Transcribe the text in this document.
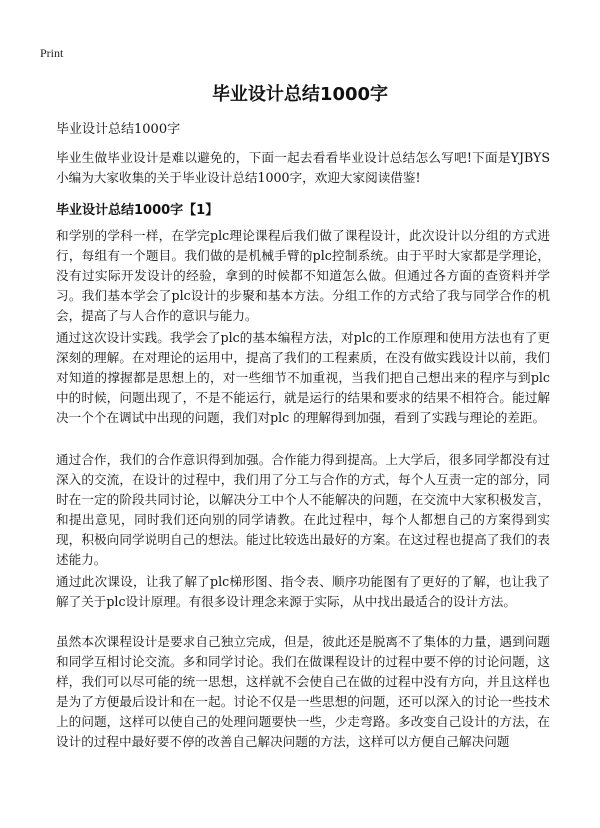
Print
毕业设计总结1000字
毕业设计总结1000字

毕业生做毕业设计是难以避免的，下面一起去看看毕业设计总结怎么写吧!下面是YJBYS小编为大家收集的关于毕业设计总结1000字，欢迎大家阅读借鉴!

毕业设计总结1000字【1】

和学别的学科一样，在学完plc理论课程后我们做了课程设计，此次设计以分组的方式进行，每组有一个题目。我们做的是机械手臂的plc控制系统。由于平时大家都是学理论，没有过实际开发设计的经验，拿到的时候都不知道怎么做。但通过各方面的查资料并学习。我们基本学会了plc设计的步聚和基本方法。分组工作的方式给了我与同学合作的机会，提高了与人合作的意识与能力。

通过这次设计实践。我学会了plc的基本编程方法，对plc的工作原理和使用方法也有了更深刻的理解。在对理论的运用中，提高了我们的工程素质，在没有做实践设计以前，我们对知道的撑握都是思想上的，对一些细节不加重视，当我们把自己想出来的程序与到plc中的时候，问题出现了，不是不能运行，就是运行的结果和要求的结果不相符合。能过解决一个个在调试中出现的问题，我们对plc 的理解得到加强，看到了实践与理论的差距。

通过合作，我们的合作意识得到加强。合作能力得到提高。上大学后，很多同学都没有过深入的交流，在设计的过程中，我们用了分工与合作的方式，每个人互责一定的部分，同时在一定的阶段共同讨论，以解决分工中个人不能解决的问题，在交流中大家积极发言，和提出意见，同时我们还向别的同学请教。在此过程中，每个人都想自己的方案得到实现，积极向同学说明自己的想法。能过比较选出最好的方案。在这过程也提高了我们的表述能力。

通过此次课设，让我了解了plc梯形图、指令表、顺序功能图有了更好的了解，也让我了解了关于plc设计原理。有很多设计理念来源于实际，从中找出最适合的设计方法。

虽然本次课程设计是要求自己独立完成，但是，彼此还是脱离不了集体的力量，遇到问题和同学互相讨论交流。多和同学讨论。我们在做课程设计的过程中要不停的讨论问题，这样，我们可以尽可能的统一思想，这样就不会使自己在做的过程中没有方向，并且这样也是为了方便最后设计和在一起。讨论不仅是一些思想的问题，还可以深入的讨论一些技术上的问题，这样可以使自己的处理问题要快一些，少走弯路。多改变自己设计的方法，在设计的过程中最好要不停的改善自己解决问题的方法，这样可以方便自己解决问题
